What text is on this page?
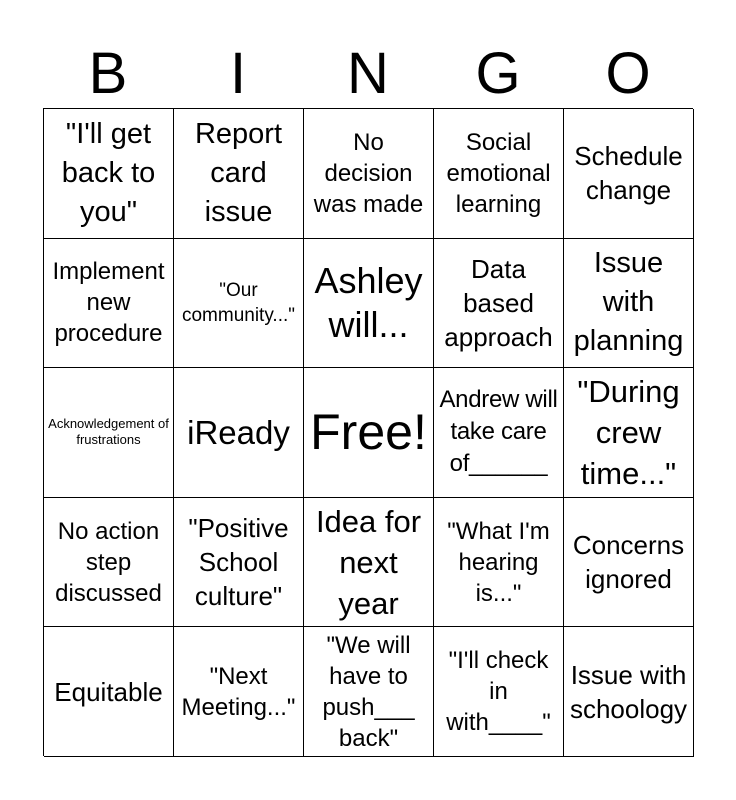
B	I	N	G	O
"I'll get back to you"
Report card issue
No decision was made
Social emotional learning
Schedule change
Implement new procedure
"Our community..."
Ashley will...
Data based approach
Issue with planning
Acknowledgement of frustrations	iReady Free!
Andrew will take care of______
"During crew time..."
No action step discussed
"Positive School culture"
Idea for next year
"What I'm hearing is..."
Concerns ignored
Equitable
"Next Meeting..."
"We will have to push___ back"
"I'll check in with____"
Issue with schoology
